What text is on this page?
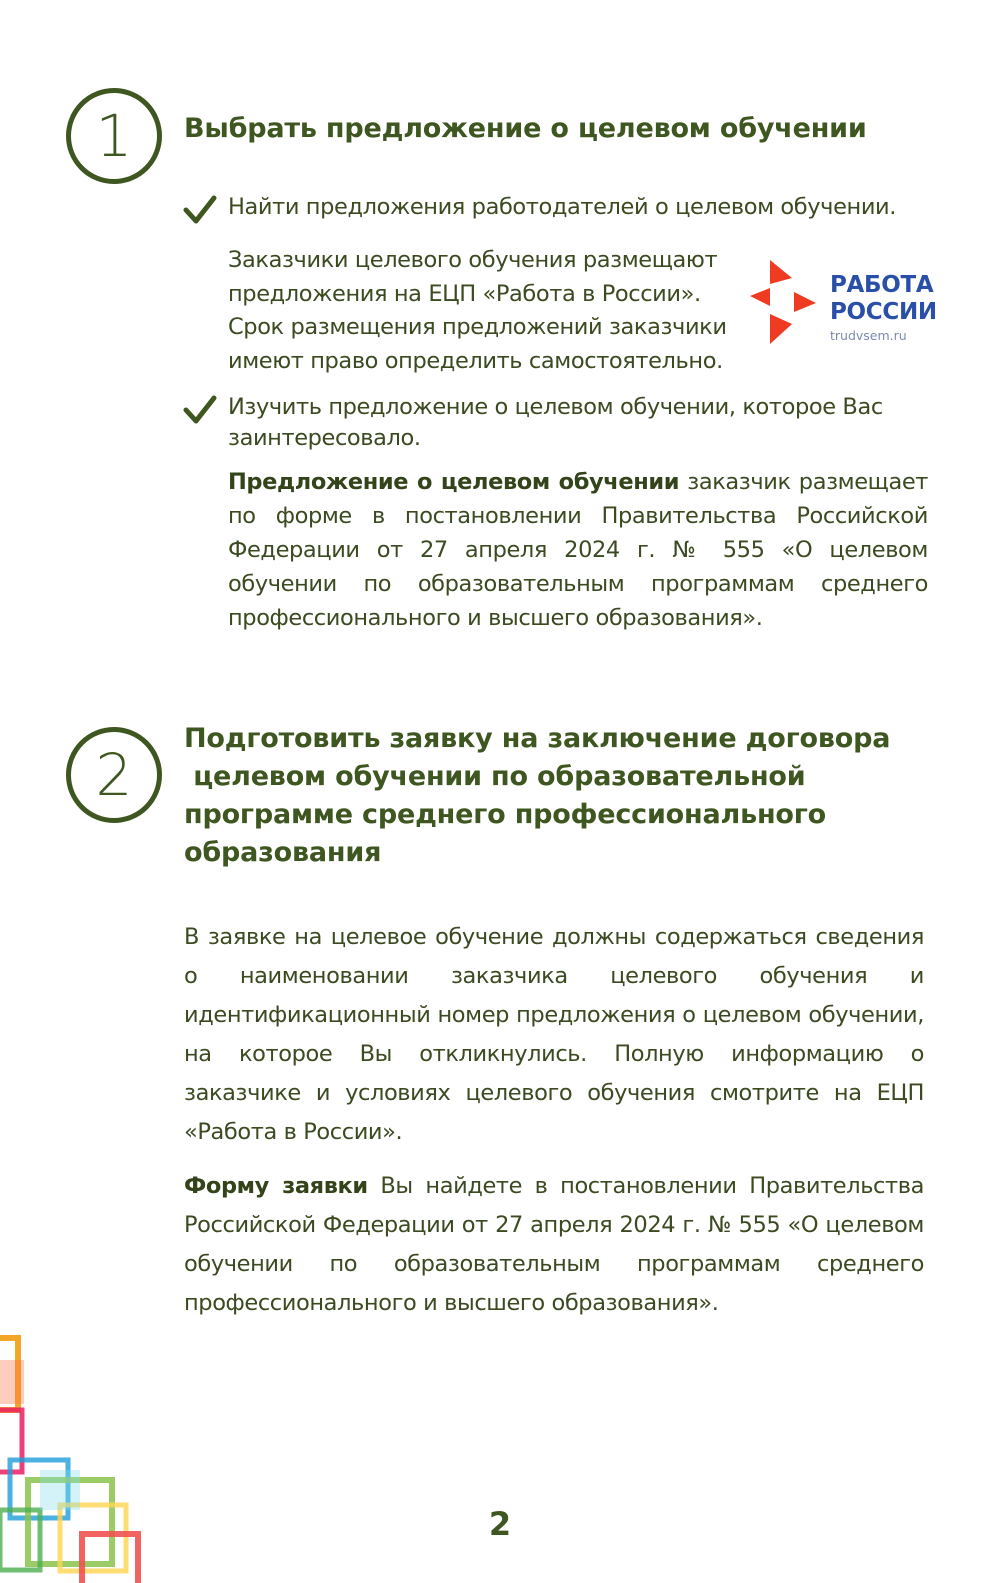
1 Выбрать предложение о целевом обучении
Найти предложения работодателей о целевом обучении.
Заказчики целевого обучения размещают
предложения на ЕЦП «Работа в России».
Срок размещения предложений заказчики
имеют право определить самостоятельно.
РАБОТА
РОССИИ
trudvsem.ru
Изучить предложение о целевом обучении, которое Вас
заинтересовало.
Предложение о целевом обучении заказчик размещает по форме в постановлении Правительства Российской Федерации от 27 апреля 2024 г. № 555 «О целевом обучении по образовательным программам среднего профессионального и высшего образования».
2
Подготовить заявку на заключение договора
целевом обучении по образовательной
программе среднего профессионального
образования
В заявке на целевое обучение должны содержаться сведения о наименовании заказчика целевого обучения и идентификационный номер предложения о целевом обучении, на которое Вы откликнулись. Полную информацию о заказчике и условиях целевого обучения смотрите на ЕЦП «Работа в России».
Форму заявки Вы найдете в постановлении Правительства Российской Федерации от 27 апреля 2024 г. № 555 «О целевом обучении по образовательным программам среднего профессионального и высшего образования».
2
